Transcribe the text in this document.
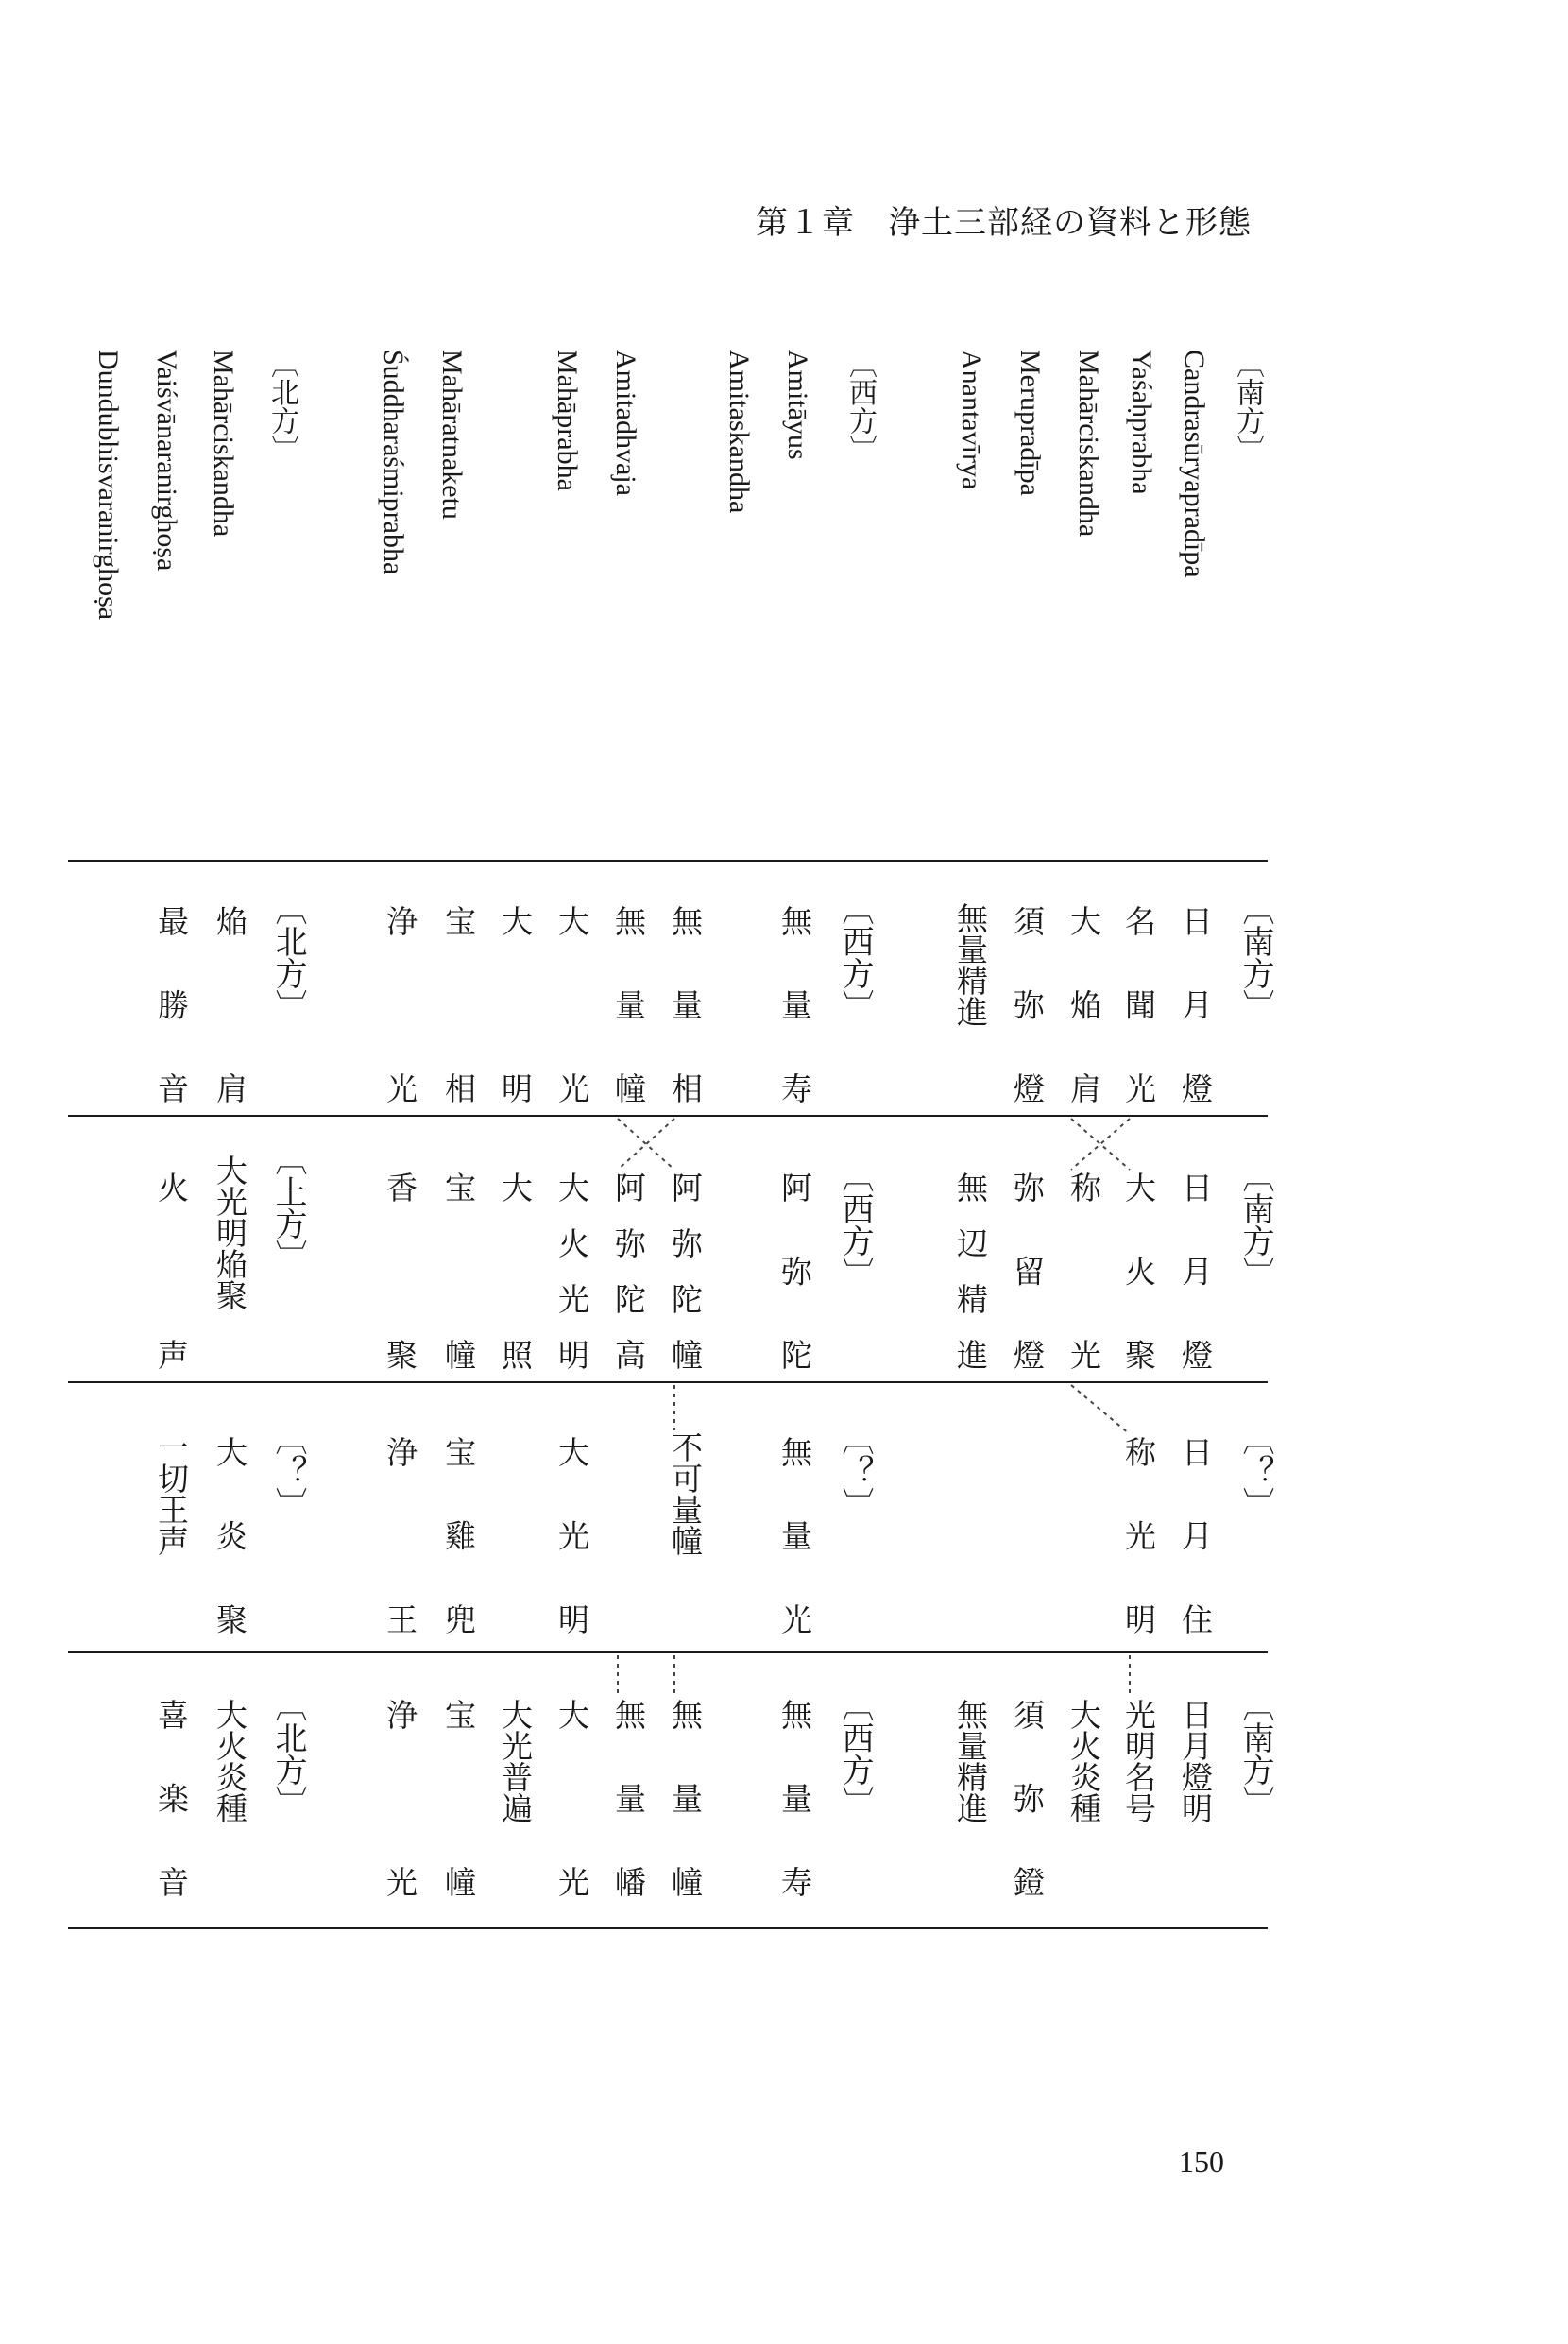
第１章　浄土三部経の資料と形態
〔南方〕
Candrasūryapradīpa
Yaśaḥprabha
Mahārciskandha
Merupradīpa
Anantavīrya
〔西方〕
Amitāyus
Amitaskandha
Amitadhvaja
Mahāprabha
Mahāratnaketu
Śuddharaśmiprabha
〔北方〕
Mahārciskandha
Vaiśvānaranirghoṣa
Dundubhisvaranirghoṣa
〔南方〕
日月燈
名聞光
大焔肩
須弥燈
無量精進
〔西方〕
無量寿
無量相
無量幢
大光
大明
宝相
浄光
〔北方〕
焔肩
最勝音
〔南方〕
日月燈
大火聚
称光
弥留燈
無辺精進
〔西方〕
阿弥陀
阿弥陀幢
阿弥陀高
大火光明
大照
宝幢
香聚
〔上方〕
大光明焔聚
火声
〔？〕
日月住
称光明
〔？〕
無量光
不可量幢
大光明
宝雞兜
浄王
〔？〕
大炎聚
一切王声
〔南方〕
日月燈明
光明名号
大火炎種
須弥鐙
無量精進
〔西方〕
無量寿
無量幢
無量幡
大光
大光普遍
宝幢
浄光
〔北方〕
大火炎種
喜楽音
150
